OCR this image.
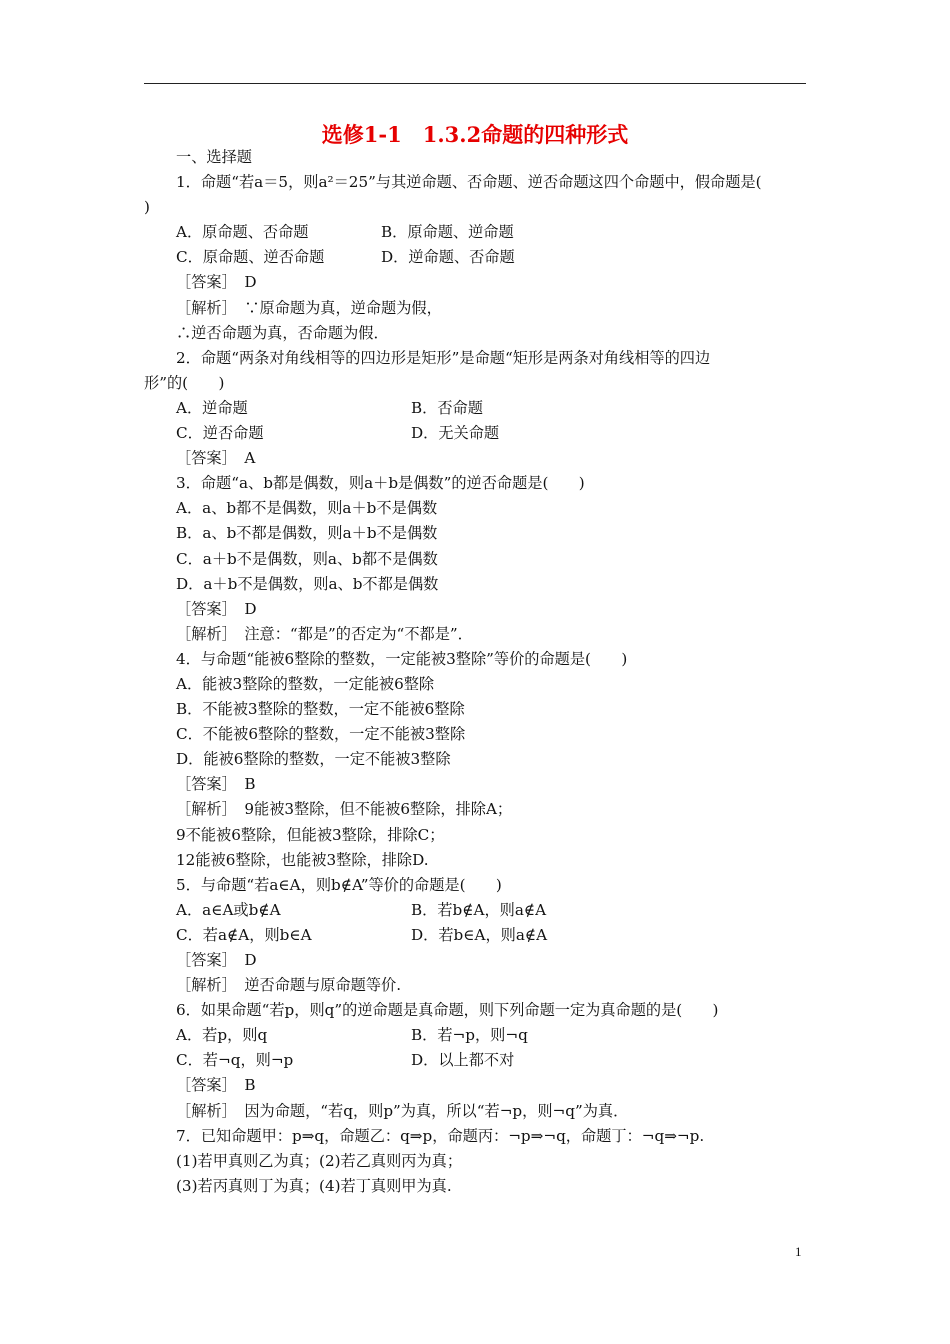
选修1-1　1.3.2命题的四种形式
一、选择题
1．命题“若a＝5，则a²＝25”与其逆命题、否命题、逆否命题这四个命题中，假命题是(
)
A．原命题、否命题	B．原命题、逆命题
C．原命题、逆否命题	D．逆命题、否命题
［答案］　D
［解析］　∵原命题为真，逆命题为假，
∴逆否命题为真，否命题为假．
2．命题“两条对角线相等的四边形是矩形”是命题“矩形是两条对角线相等的四边
形”的(　　)
A．逆命题	B．否命题
C．逆否命题	D．无关命题
［答案］　A
3．命题“a、b都是偶数，则a＋b是偶数”的逆否命题是(　　)
A．a、b都不是偶数，则a＋b不是偶数
B．a、b不都是偶数，则a＋b不是偶数
C．a＋b不是偶数，则a、b都不是偶数
D．a＋b不是偶数，则a、b不都是偶数
［答案］　D
［解析］　注意：“都是”的否定为“不都是”．
4．与命题“能被6整除的整数，一定能被3整除”等价的命题是(　　)
A．能被3整除的整数，一定能被6整除
B．不能被3整除的整数，一定不能被6整除
C．不能被6整除的整数，一定不能被3整除
D．能被6整除的整数，一定不能被3整除
［答案］　B
［解析］　9能被3整除，但不能被6整除，排除A；
9不能被6整除，但能被3整除，排除C；
12能被6整除，也能被3整除，排除D.
5．与命题“若a∈A，则b∉A”等价的命题是(　　)
A．a∈A或b∉A	B．若b∉A，则a∉A
C．若a∉A，则b∈A	D．若b∈A，则a∉A
［答案］　D
［解析］　逆否命题与原命题等价.
6．如果命题“若p，则q”的逆命题是真命题，则下列命题一定为真命题的是(　　)
A．若p，则q	B．若¬p，则¬q
C．若¬q，则¬p	D．以上都不对
［答案］　B
［解析］　因为命题，“若q，则p”为真，所以“若¬p，则¬q”为真．
7．已知命题甲：p⇒q，命题乙：q⇒p，命题丙：¬p⇒¬q，命题丁：¬q⇒¬p.
(1)若甲真则乙为真；(2)若乙真则丙为真；
(3)若丙真则丁为真；(4)若丁真则甲为真.
1
